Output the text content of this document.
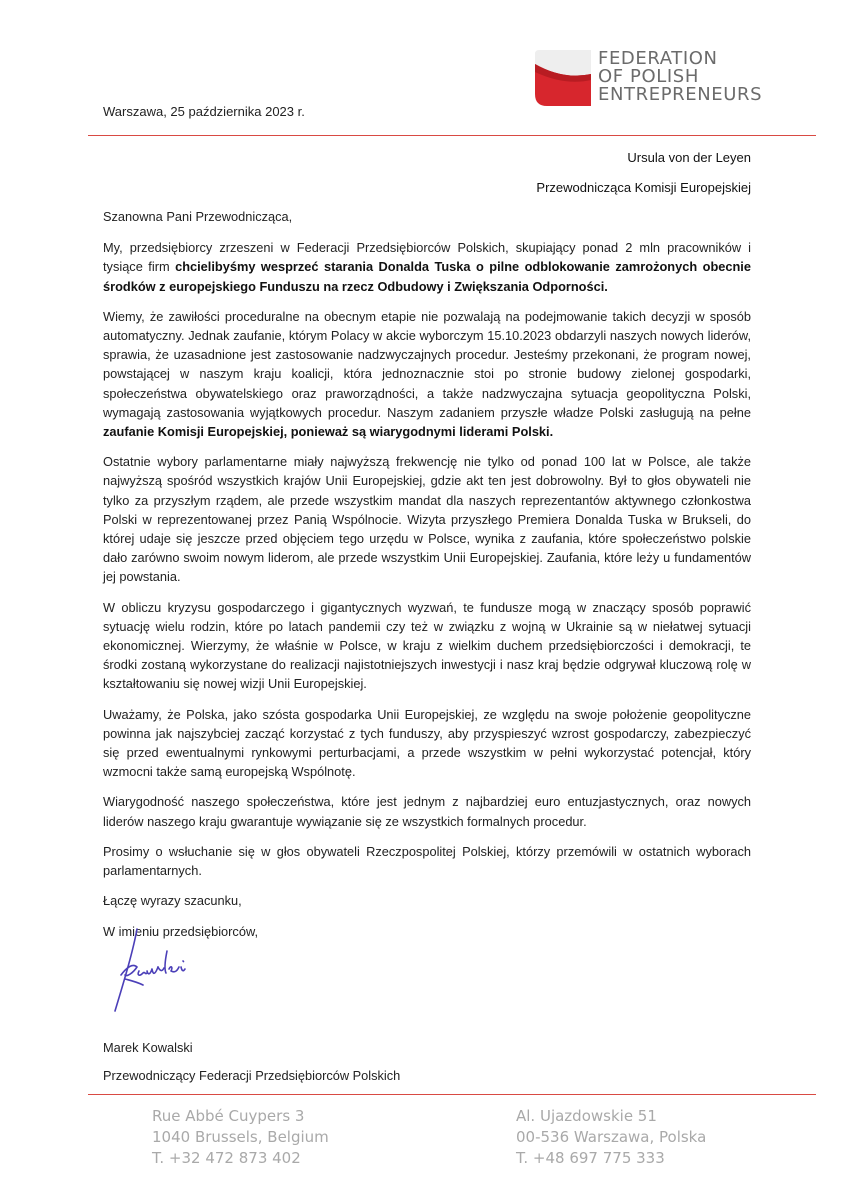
FEDERATION
OF POLISH
ENTREPRENEURS
Warszawa, 25 października 2023 r.
Ursula von der Leyen
Przewodnicząca Komisji Europejskiej

Szanowna Pani Przewodnicząca,

My, przedsiębiorcy zrzeszeni w Federacji Przedsiębiorców Polskich, skupiający ponad 2 mln pracowników i tysiące firm chcielibyśmy wesprzeć starania Donalda Tuska o pilne odblokowanie zamrożonych obecnie środków z europejskiego Funduszu na rzecz Odbudowy i Zwiększania Odporności.

Wiemy, że zawiłości proceduralne na obecnym etapie nie pozwalają na podejmowanie takich decyzji w sposób automatyczny. Jednak zaufanie, którym Polacy w akcie wyborczym 15.10.2023 obdarzyli naszych nowych liderów, sprawia, że uzasadnione jest zastosowanie nadzwyczajnych procedur. Jesteśmy przekonani, że program nowej, powstającej w naszym kraju koalicji, która jednoznacznie stoi po stronie budowy zielonej gospodarki, społeczeństwa obywatelskiego oraz praworządności, a także nadzwyczajna sytuacja geopolityczna Polski, wymagają zastosowania wyjątkowych procedur. Naszym zadaniem przyszłe władze Polski zasługują na pełne zaufanie Komisji Europejskiej, ponieważ są wiarygodnymi liderami Polski.

Ostatnie wybory parlamentarne miały najwyższą frekwencję nie tylko od ponad 100 lat w Polsce, ale także najwyższą spośród wszystkich krajów Unii Europejskiej, gdzie akt ten jest dobrowolny. Był to głos obywateli nie tylko za przyszłym rządem, ale przede wszystkim mandat dla naszych reprezentantów aktywnego członkostwa Polski w reprezentowanej przez Panią Wspólnocie. Wizyta przyszłego Premiera Donalda Tuska w Brukseli, do której udaje się jeszcze przed objęciem tego urzędu w Polsce, wynika z zaufania, które społeczeństwo polskie dało zarówno swoim nowym liderom, ale przede wszystkim Unii Europejskiej. Zaufania, które leży u fundamentów jej powstania.

W obliczu kryzysu gospodarczego i gigantycznych wyzwań, te fundusze mogą w znaczący sposób poprawić sytuację wielu rodzin, które po latach pandemii czy też w związku z wojną w Ukrainie są w niełatwej sytuacji ekonomicznej. Wierzymy, że właśnie w Polsce, w kraju z wielkim duchem przedsiębiorczości i demokracji, te środki zostaną wykorzystane do realizacji najistotniejszych inwestycji i nasz kraj będzie odgrywał kluczową rolę w kształtowaniu się nowej wizji Unii Europejskiej.

Uważamy, że Polska, jako szósta gospodarka Unii Europejskiej, ze względu na swoje położenie geopolityczne powinna jak najszybciej zacząć korzystać z tych funduszy, aby przyspieszyć wzrost gospodarczy, zabezpieczyć się przed ewentualnymi rynkowymi perturbacjami, a przede wszystkim w pełni wykorzystać potencjał, który wzmocni także samą europejską Wspólnotę.

Wiarygodność naszego społeczeństwa, które jest jednym z najbardziej euro entuzjastycznych, oraz nowych liderów naszego kraju gwarantuje wywiązanie się ze wszystkich formalnych procedur.

Prosimy o wsłuchanie się w głos obywateli Rzeczpospolitej Polskiej, którzy przemówili w ostatnich wyborach parlamentarnych.

Łączę wyrazy szacunku,

W imieniu przedsiębiorców,

Marek Kowalski
Przewodniczący Federacji Przedsiębiorców Polskich
Rue Abbé Cuypers 3
1040 Brussels, Belgium
T. +32 472 873 402
Al. Ujazdowskie 51
00-536 Warszawa, Polska
T. +48 697 775 333
